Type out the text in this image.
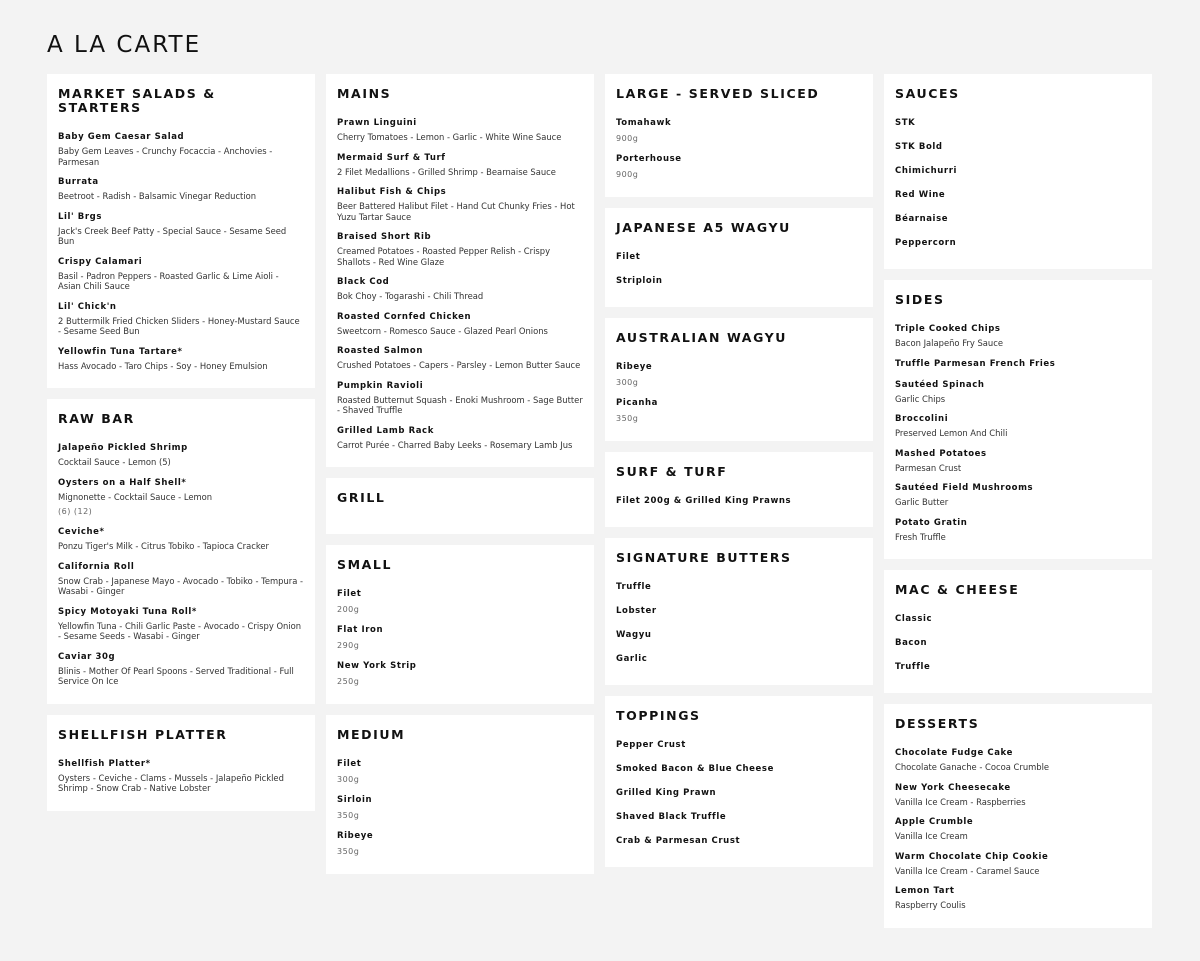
A LA CARTE
MARKET SALADS & STARTERS
Baby Gem Caesar Salad
Baby Gem Leaves - Crunchy Focaccia - Anchovies - Parmesan
Burrata
Beetroot - Radish - Balsamic Vinegar Reduction
Lil' Brgs
Jack's Creek Beef Patty - Special Sauce - Sesame Seed Bun
Crispy Calamari
Basil - Padron Peppers - Roasted Garlic & Lime Aioli - Asian Chili Sauce
Lil' Chick'n
2 Buttermilk Fried Chicken Sliders - Honey-Mustard Sauce - Sesame Seed Bun
Yellowfin Tuna Tartare*
Hass Avocado - Taro Chips - Soy - Honey Emulsion
RAW BAR
Jalapeño Pickled Shrimp
Cocktail Sauce - Lemon (5)
Oysters on a Half Shell*
Mignonette - Cocktail Sauce - Lemon
(6) (12)
Ceviche*
Ponzu Tiger's Milk - Citrus Tobiko - Tapioca Cracker
California Roll
Snow Crab - Japanese Mayo - Avocado - Tobiko - Tempura - Wasabi - Ginger
Spicy Motoyaki Tuna Roll*
Yellowfin Tuna - Chili Garlic Paste - Avocado - Crispy Onion - Sesame Seeds - Wasabi - Ginger
Caviar 30g
Blinis - Mother Of Pearl Spoons - Served Traditional - Full Service On Ice
SHELLFISH PLATTER
Shellfish Platter*
Oysters - Ceviche - Clams - Mussels - Jalapeño Pickled Shrimp - Snow Crab - Native Lobster
MAINS
Prawn Linguini
Cherry Tomatoes - Lemon - Garlic - White Wine Sauce
Mermaid Surf & Turf
2 Filet Medallions - Grilled Shrimp - Bearnaise Sauce
Halibut Fish & Chips
Beer Battered Halibut Filet - Hand Cut Chunky Fries - Hot Yuzu Tartar Sauce
Braised Short Rib
Creamed Potatoes - Roasted Pepper Relish - Crispy Shallots - Red Wine Glaze
Black Cod
Bok Choy - Togarashi - Chili Thread
Roasted Cornfed Chicken
Sweetcorn - Romesco Sauce - Glazed Pearl Onions
Roasted Salmon
Crushed Potatoes - Capers - Parsley - Lemon Butter Sauce
Pumpkin Ravioli
Roasted Butternut Squash - Enoki Mushroom - Sage Butter - Shaved Truffle
Grilled Lamb Rack
Carrot Purée - Charred Baby Leeks - Rosemary Lamb Jus
GRILL
SMALL
Filet
200g
Flat Iron
290g
New York Strip
250g
MEDIUM
Filet
300g
Sirloin
350g
Ribeye
350g
LARGE - SERVED SLICED
Tomahawk
900g
Porterhouse
900g
JAPANESE A5 WAGYU
Filet
Striploin
AUSTRALIAN WAGYU
Ribeye
300g
Picanha
350g
SURF & TURF
Filet 200g & Grilled King Prawns
SIGNATURE BUTTERS
Truffle
Lobster
Wagyu
Garlic
TOPPINGS
Pepper Crust
Smoked Bacon & Blue Cheese
Grilled King Prawn
Shaved Black Truffle
Crab & Parmesan Crust
SAUCES
STK
STK Bold
Chimichurri
Red Wine
Béarnaise
Peppercorn
SIDES
Triple Cooked Chips
Bacon Jalapeño Fry Sauce
Truffle Parmesan French Fries
Sautéed Spinach
Garlic Chips
Broccolini
Preserved Lemon And Chili
Mashed Potatoes
Parmesan Crust
Sautéed Field Mushrooms
Garlic Butter
Potato Gratin
Fresh Truffle
MAC & CHEESE
Classic
Bacon
Truffle
DESSERTS
Chocolate Fudge Cake
Chocolate Ganache - Cocoa Crumble
New York Cheesecake
Vanilla Ice Cream - Raspberries
Apple Crumble
Vanilla Ice Cream
Warm Chocolate Chip Cookie
Vanilla Ice Cream - Caramel Sauce
Lemon Tart
Raspberry Coulis
